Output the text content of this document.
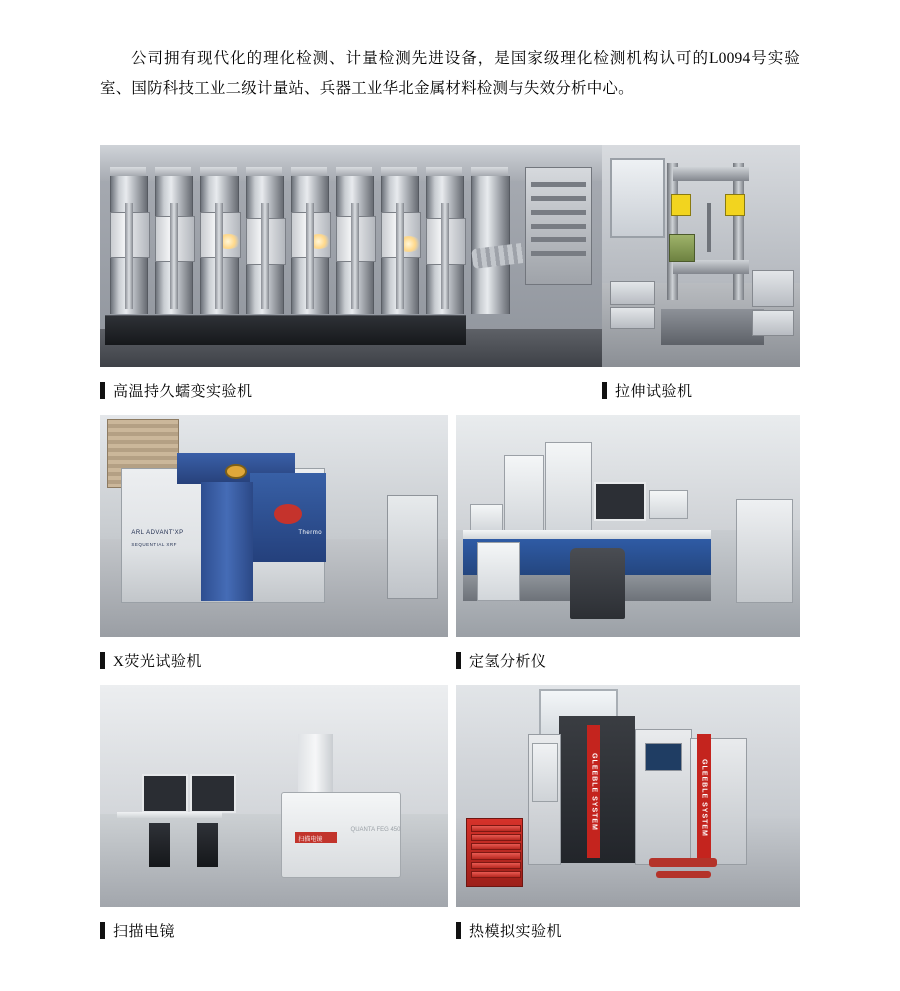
公司拥有现代化的理化检测、计量检测先进设备，是国家级理化检测机构认可的L0094号实验室、国防科技工业二级计量站、兵器工业华北金属材料检测与失效分析中心。

高温持久蠕变实验机	拉伸试验机
ARL ADVANT'XP
SEQUENTIAL XRF
Thermo
X荧光试验机	定氢分析仪
扫描电镜
QUANTA FEG 450
扫描电镜
GLEEBLE SYSTEM	GLEEBLE SYSTEM
热模拟实验机
